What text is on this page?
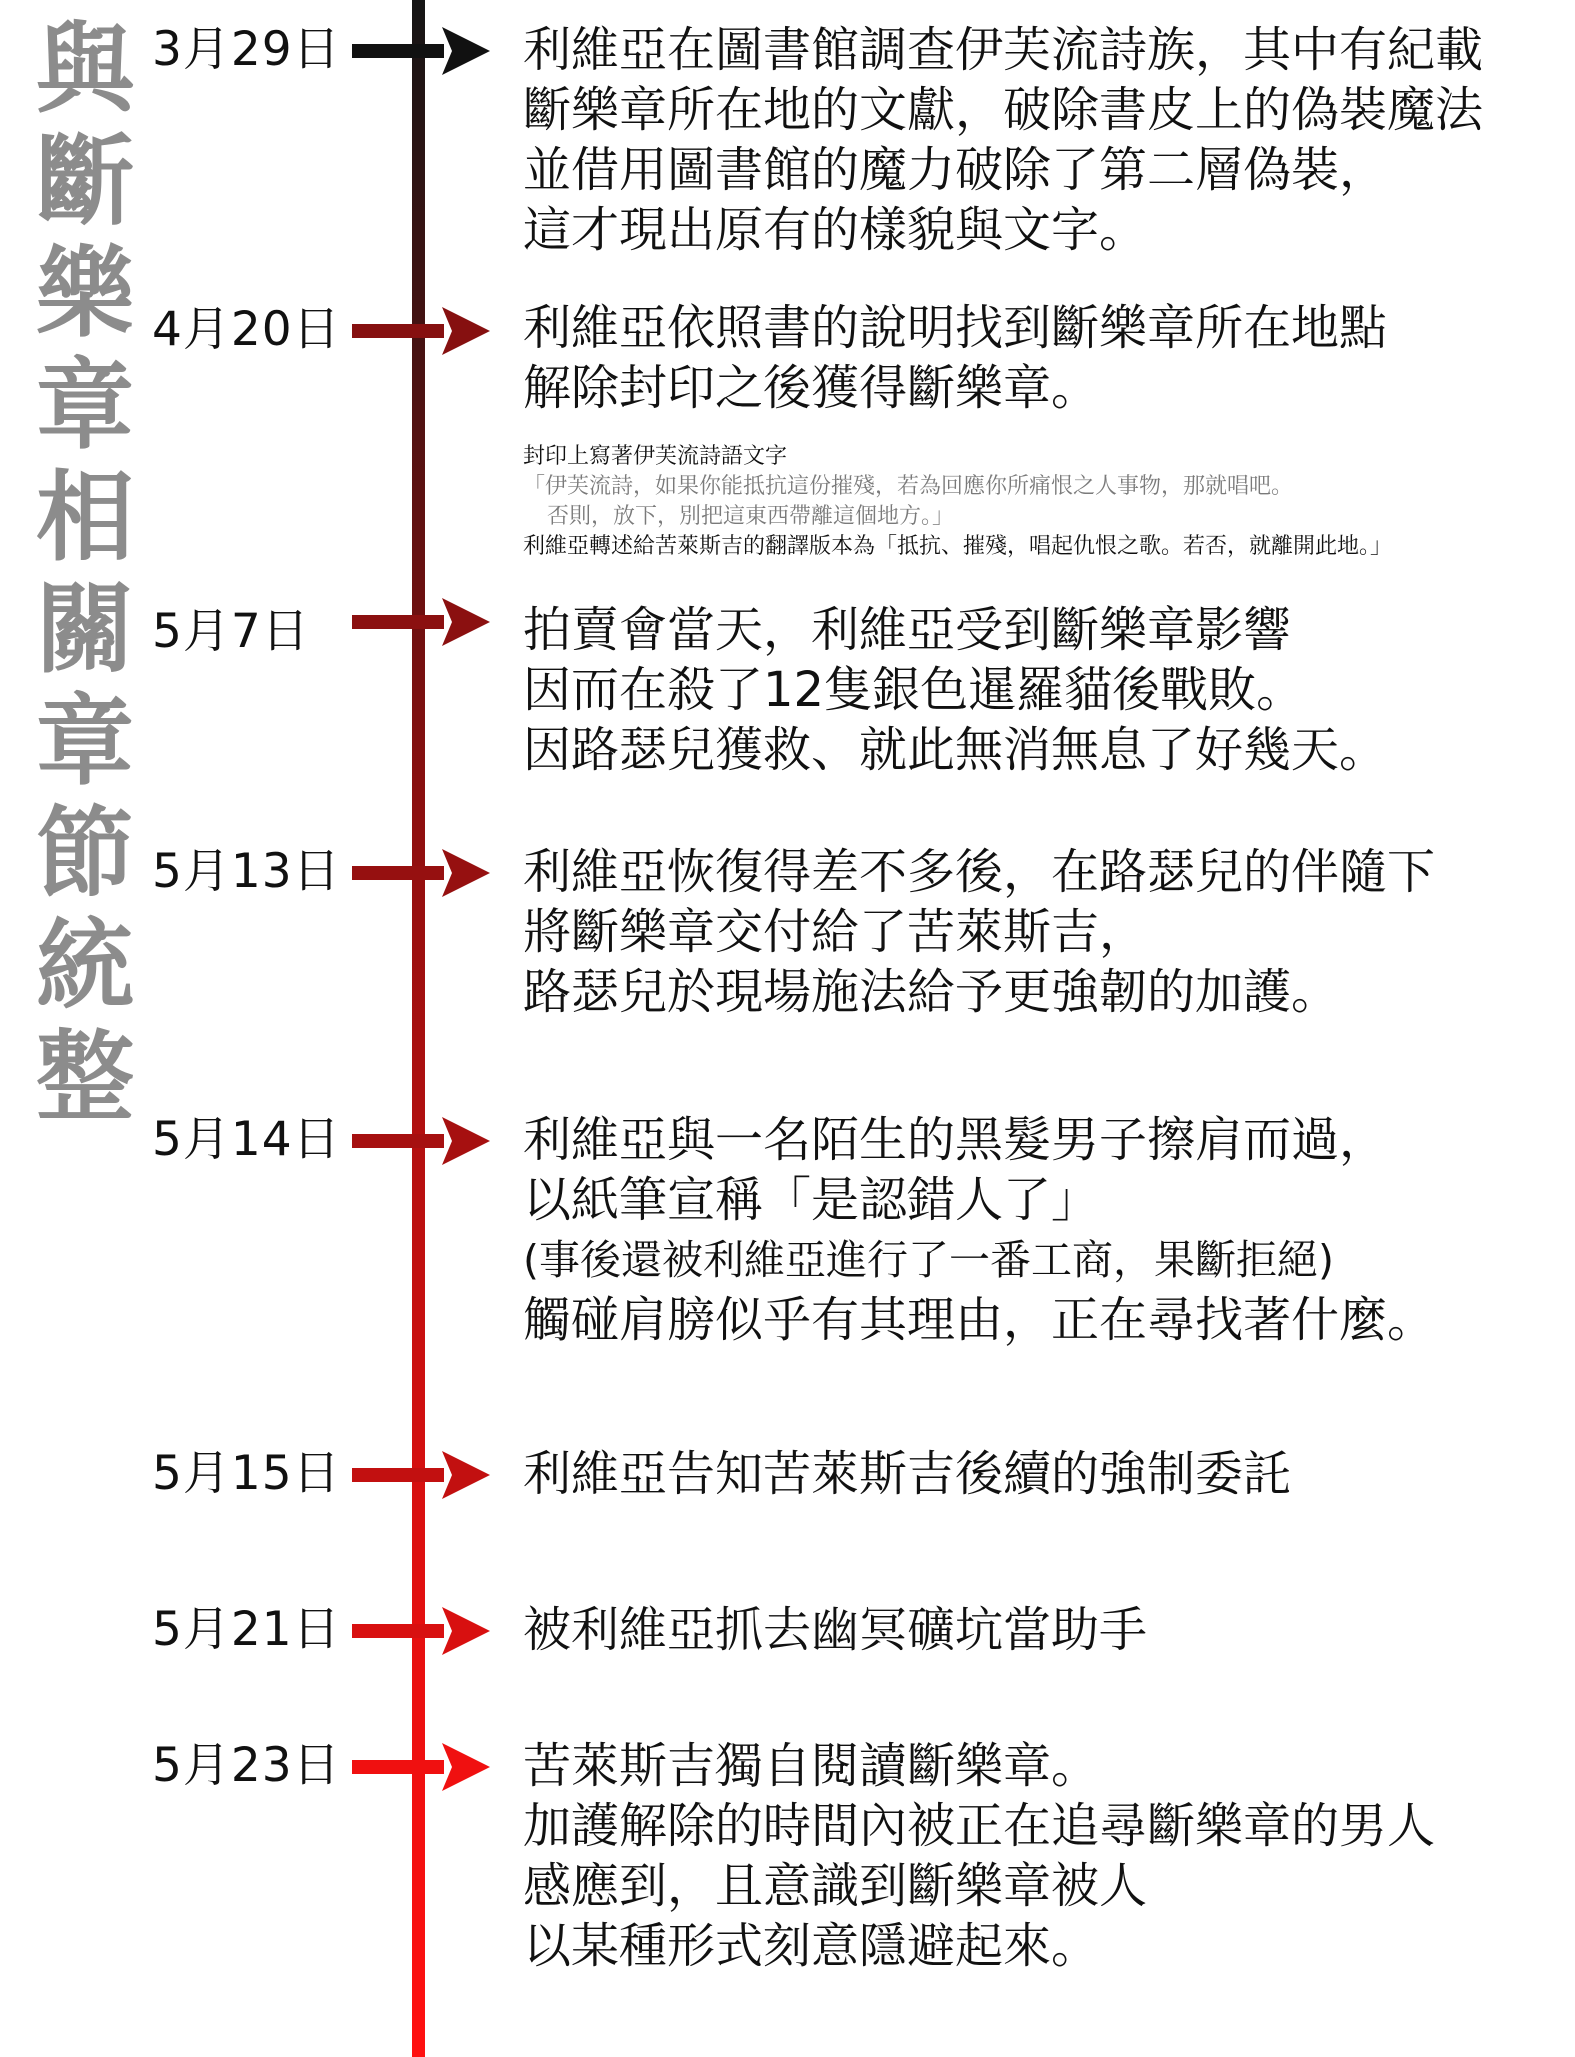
與斷樂章相關章節統整
3月29日	利維亞在圖書館調查伊芙流詩族，其中有紀載
斷樂章所在地的文獻，破除書皮上的偽裝魔法
並借用圖書館的魔力破除了第二層偽裝，
這才現出原有的樣貌與文字。
4月20日	利維亞依照書的說明找到斷樂章所在地點
解除封印之後獲得斷樂章。
封印上寫著伊芙流詩語文字
「伊芙流詩，如果你能抵抗這份摧殘，若為回應你所痛恨之人事物，那就唱吧。
否則，放下，別把這東西帶離這個地方。」
利維亞轉述給苦萊斯吉的翻譯版本為「抵抗、摧殘，唱起仇恨之歌。若否，就離開此地。」
5月7日	拍賣會當天，利維亞受到斷樂章影響
因而在殺了12隻銀色暹羅貓後戰敗。
因路瑟兒獲救、就此無消無息了好幾天。
5月13日	利維亞恢復得差不多後，在路瑟兒的伴隨下
將斷樂章交付給了苦萊斯吉，
路瑟兒於現場施法給予更強韌的加護。
5月14日	利維亞與一名陌生的黑髮男子擦肩而過，
以紙筆宣稱「是認錯人了」
(事後還被利維亞進行了一番工商，果斷拒絕)
觸碰肩膀似乎有其理由，正在尋找著什麼。
5月15日	利維亞告知苦萊斯吉後續的強制委託
5月21日	被利維亞抓去幽冥礦坑當助手
5月23日	苦萊斯吉獨自閱讀斷樂章。
加護解除的時間內被正在追尋斷樂章的男人
感應到，且意識到斷樂章被人
以某種形式刻意隱避起來。
